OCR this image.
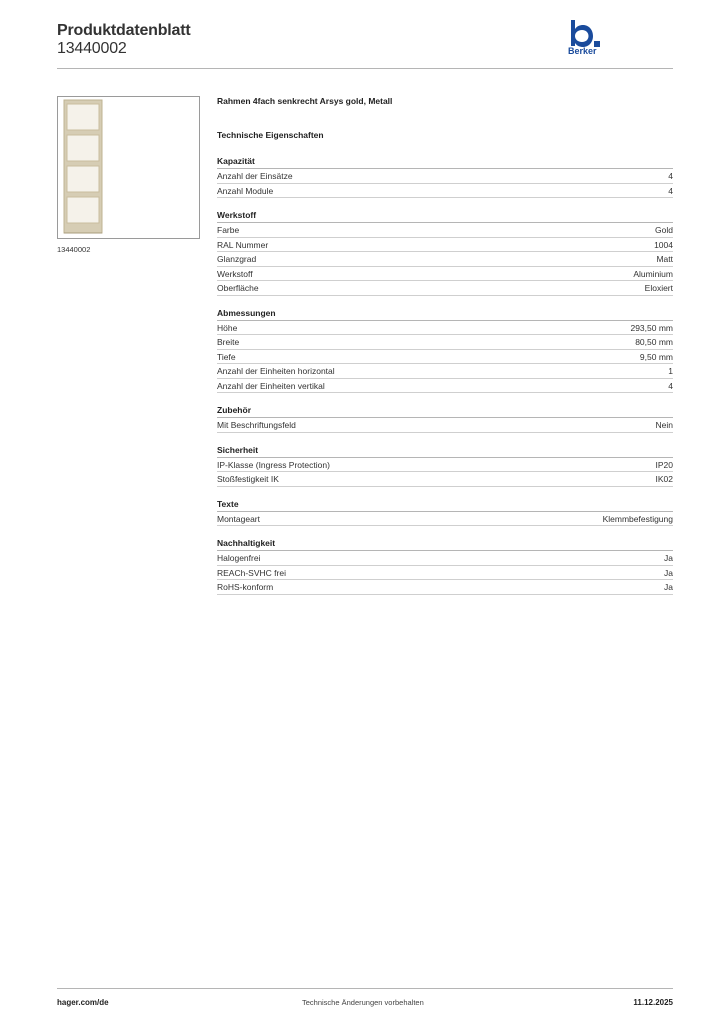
Produktdatenblatt
13440002	Berker
13440002
Rahmen 4fach senkrecht Arsys gold, Metall
Technische Eigenschaften
Kapazität
Anzahl der Einsätze	4
Anzahl Module	4
Werkstoff
Farbe	Gold
RAL Nummer	1004
Glanzgrad	Matt
Werkstoff	Aluminium
Oberfläche	Eloxiert
Abmessungen
Höhe	293,50 mm
Breite	80,50 mm
Tiefe	9,50 mm
Anzahl der Einheiten horizontal	1
Anzahl der Einheiten vertikal	4
Zubehör
Mit Beschriftungsfeld	Nein
Sicherheit
IP-Klasse (Ingress Protection)	IP20
Stoßfestigkeit IK	IK02
Texte
Montageart	Klemmbefestigung
Nachhaltigkeit
Halogenfrei	Ja
REACh-SVHC frei	Ja
RoHS-konform	Ja
hager.com/de	Technische Änderungen vorbehalten	11.12.2025
